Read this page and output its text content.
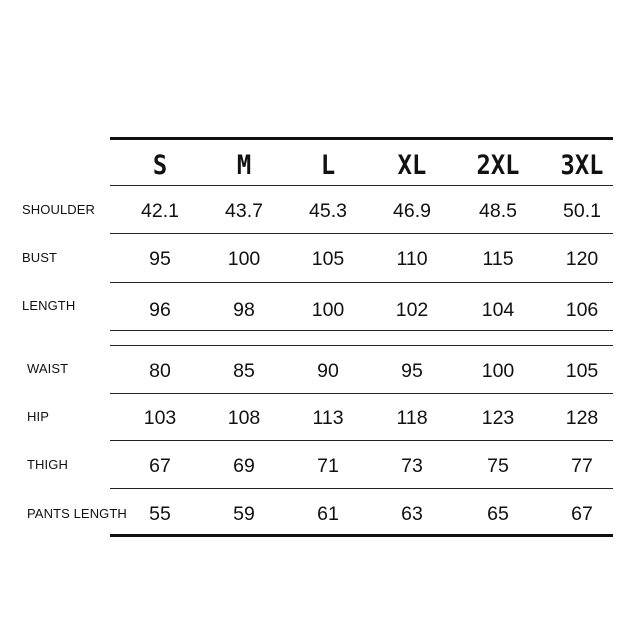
S	M	L	XL	2XL	3XL
SHOULDER	42.1	43.7	45.3	46.9	48.5	50.1
BUST	95	100	105	110	115	120
LENGTH	96	98	100	102	104	106
WAIST	80	85	90	95	100	105
HIP	103	108	113	118	123	128
THIGH	67	69	71	73	75	77
PANTS LENGTH	55	59	61	63	65	67
